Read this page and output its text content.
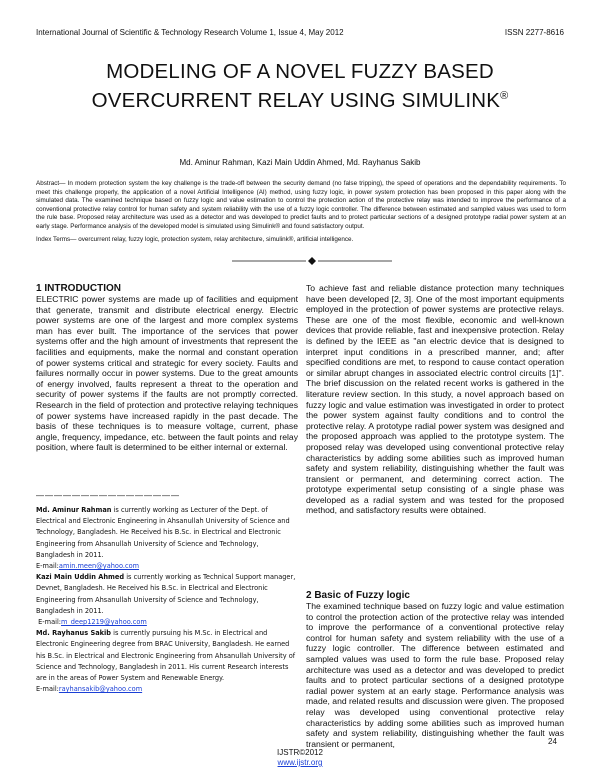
International Journal of Scientific & Technology Research Volume 1, Issue 4, May 2012	ISSN 2277-8616
MODELING OF A NOVEL FUZZY BASED
OVERCURRENT RELAY USING SIMULINK®
Md. Aminur Rahman, Kazi Main Uddin Ahmed, Md. Rayhanus Sakib
Abstract— In modern protection system the key challenge is the trade-off between the security demand (no false tripping), the speed of operations and the dependability requirements. To meet this challenge properly, the application of a novel Artificial Intelligence (AI) method, using fuzzy logic, in power system protection has been proposed in this paper along with the simulated data. The examined technique based on fuzzy logic and value estimation to control the protection action of the protective relay was intended to improve the performance of a conventional protective relay control for human safety and system reliability with the use of a fuzzy logic controller. The difference between estimated and sampled values was used to form the rule base. Proposed relay architecture was used as a detector and was developed to predict faults and to protect particular sections of a designed prototype radial power system at an early stage. Performance analysis of the developed model is simulated using Simulink® and found satisfactory output.
Index Terms— overcurrent relay, fuzzy logic, protection system, relay architecture, simulink®, artificial intelligence.
1 INTRODUCTION
ELECTRIC power systems are made up of facilities and equipment that generate, transmit and distribute electrical energy. Electric power systems are one of the largest and more complex systems man has ever built. The importance of the services that power systems offer and the high amount of investments that represent the facilities and equipments, make the normal and constant operation of power systems critical and strategic for every society. Faults and failures normally occur in power systems. Due to the great amounts of energy involved, faults represent a threat to the operation and security of power systems if the faults are not promptly corrected. Research in the field of protection and protective relaying techniques of power systems have increased rapidly in the past decade. The basis of these techniques is to measure voltage, current, phase angle, frequency, impedance, etc. between the fault points and relay position, where fault is determined to be either internal or external.
————————————————

Md. Aminur Rahman is currently working as Lecturer of the Dept. of Electrical and Electronic Engineering in Ahsanullah University of Science and Technology, Bangladesh. He Received his B.Sc. in Electrical and Electronic Engineering from Ahsanullah University of Science and Technology, Bangladesh in 2011.

E-mail:amin.meen@yahoo.com

Kazi Main Uddin Ahmed is currently working as Technical Support manager, Devnet, Bangladesh. He Received his B.Sc. in Electrical and Electronic Engineering from Ahsanullah University of Science and Technology, Bangladesh in 2011.

E-mail:m_deep1219@yahoo.com

Md. Rayhanus Sakib is currently pursuing his M.Sc. in Electrical and Electronic Engineering degree from BRAC University, Bangladesh. He earned his B.Sc. in Electrical and Electronic Engineering from Ahsanullah University of Science and Technology, Bangladesh in 2011. His current Research interests are in the areas of Power System and Renewable Energy.

E-mail:rayhansakib@yahoo.com

To achieve fast and reliable distance protection many techniques have been developed [2, 3]. One of the most important equipments employed in the protection of power systems are protective relays. These are one of the most flexible, economic and well-known devices that provide reliable, fast and inexpensive protection. Relay is defined by the IEEE as "an electric device that is designed to interpret input conditions in a prescribed manner, and; after specified conditions are met, to respond to cause contact operation or similar abrupt changes in associated electric control circuits [1]". The brief discussion on the related recent works is gathered in the literature review section. In this study, a novel approach based on fuzzy logic and value estimation was investigated in order to protect the power system against faulty conditions and to control the protective relay. A prototype radial power system was designed and the proposed approach was applied to the prototype system. The proposed relay was developed using conventional protective relay characteristics by adding some abilities such as improved human safety and system reliability, distinguishing whether the fault was transient or permanent, and determining correct action. The prototype experimental setup consisting of a single phase was developed as a radial system and was tested for the proposed method, and satisfactory results were obtained.
2 Basic of Fuzzy logic
The examined technique based on fuzzy logic and value estimation to control the protection action of the protective relay was intended to improve the performance of a conventional protective relay control for human safety and system reliability with the use of a fuzzy logic controller. The difference between estimated and sampled values was used to form the rule base. Proposed relay architecture was used as a detector and was developed to predict faults and to protect particular sections of a designed prototype radial power system at an early stage. Performance analysis was made, and related results and discussion were given. The proposed relay was developed using conventional protective relay characteristics by adding some abilities such as improved human safety and system reliability, distinguishing whether the fault was transient or permanent,	24
IJSTR©2012
www.ijstr.org
